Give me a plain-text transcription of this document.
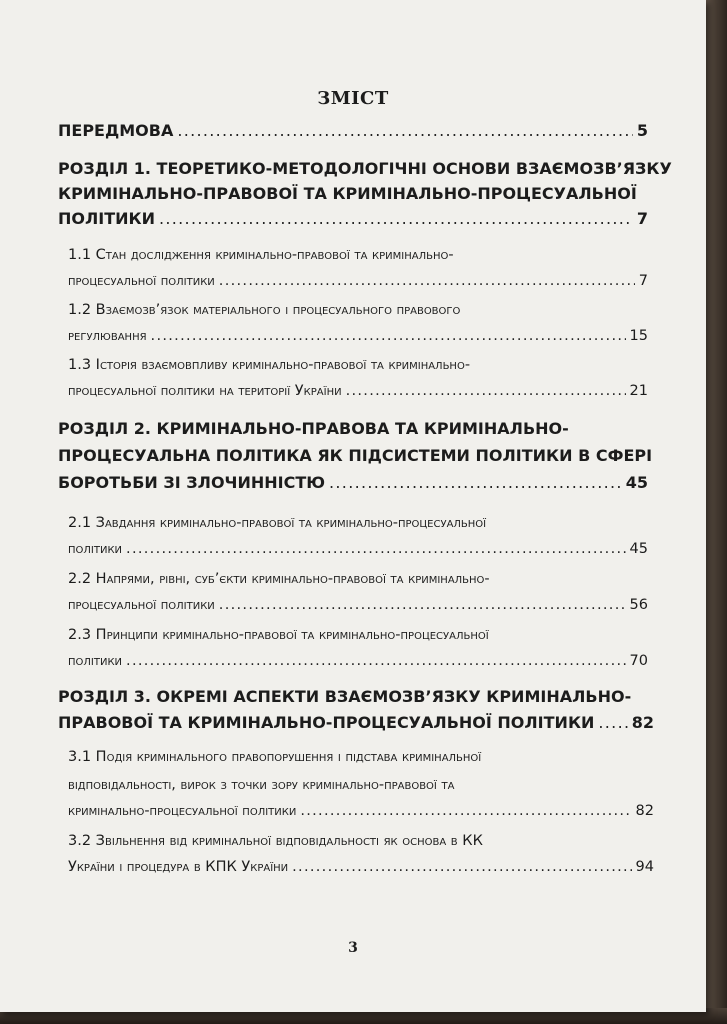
ЗМІСТ
ПЕРЕДМОВА .....	5
РОЗДІЛ 1. ТЕОРЕТИКО-МЕТОДОЛОГІЧНІ ОСНОВИ ВЗАЄМОЗВ’ЯЗКУ
КРИМІНАЛЬНО-ПРАВОВОЇ ТА КРИМІНАЛЬНО-ПРОЦЕСУАЛЬНОЇ
ПОЛІТИКИ .....	7
1.1 Стан дослідження кримінально-правової та кримінально-
процесуальної політики .....	7
1.2 Взаємозв’язок матеріального і процесуального правового
регулювання .....	15
1.3 Історія взаємовпливу кримінально-правової та кримінально-
процесуальної політики на території України .....	21
РОЗДІЛ 2. КРИМІНАЛЬНО-ПРАВОВА ТА КРИМІНАЛЬНО-
ПРОЦЕСУАЛЬНА ПОЛІТИКА ЯК ПІДСИСТЕМИ ПОЛІТИКИ В СФЕРІ
БОРОТЬБИ ЗІ ЗЛОЧИННІСТЮ .....	45
2.1 Завдання кримінально-правової та кримінально-процесуальної
політики .....	45
2.2 Напрями, рівні, суб’єкти кримінально-правової та кримінально-
процесуальної політики .....	56
2.3 Принципи кримінально-правової та кримінально-процесуальної
політики .....	70
РОЗДІЛ 3. ОКРЕМІ АСПЕКТИ ВЗАЄМОЗВ’ЯЗКУ КРИМІНАЛЬНО-
ПРАВОВОЇ ТА КРИМІНАЛЬНО-ПРОЦЕСУАЛЬНОЇ ПОЛІТИКИ ..... 82
3.1 Подія кримінального правопорушення і підстава кримінальної
відповідальності, вирок з точки зору кримінально-правової та
кримінально-процесуальної політики .....	82
3.2 Звільнення від кримінальної відповідальності як основа в КК
України і процедура в КПК України .....	94
3
